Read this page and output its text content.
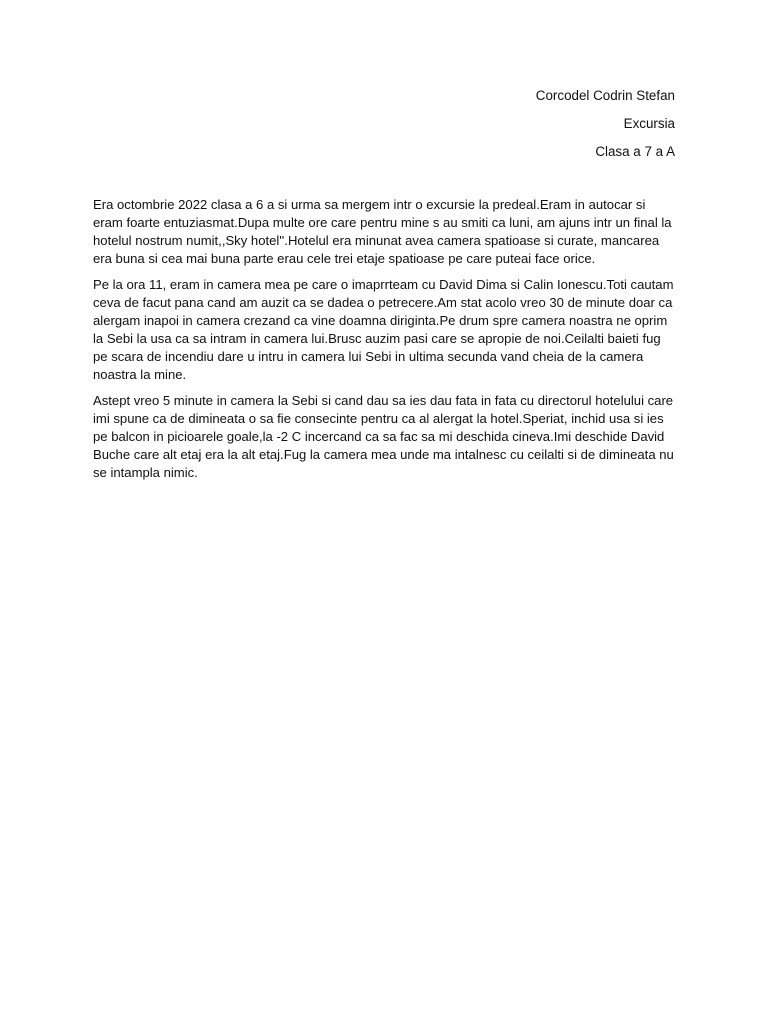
Corcodel Codrin Stefan
Excursia
Clasa a 7 a A

Era octombrie 2022 clasa a 6 a si urma sa mergem intr o excursie la predeal.Eram in autocar si eram foarte entuziasmat.Dupa multe ore care pentru mine s au smiti ca luni, am ajuns intr un final la hotelul nostrum numit,,Sky hotel''.Hotelul era minunat avea camera spatioase si curate, mancarea era buna si cea mai buna parte erau cele trei etaje spatioase pe care puteai face orice.

Pe la ora 11, eram in camera mea pe care o imaprrteam cu David Dima si Calin Ionescu.Toti cautam ceva de facut pana cand am auzit ca se dadea o petrecere.Am stat acolo vreo 30 de minute doar ca alergam inapoi in camera crezand ca vine doamna diriginta.Pe drum spre camera noastra ne oprim la Sebi la usa ca sa intram in camera lui.Brusc auzim pasi care se apropie de noi.Ceilalti baieti fug pe scara de incendiu dare u intru in camera lui Sebi in ultima secunda vand cheia de la camera noastra la mine.

Astept vreo 5 minute in camera la Sebi si cand dau sa ies dau fata in fata cu directorul hotelului care imi spune ca de dimineata o sa fie consecinte pentru ca al alergat la hotel.Speriat, inchid usa si ies pe balcon in picioarele goale,la -2 C incercand ca sa fac sa mi deschida cineva.Imi deschide David Buche care alt etaj era la alt etaj.Fug la camera mea unde ma intalnesc cu ceilalti si de dimineata nu se intampla nimic.
